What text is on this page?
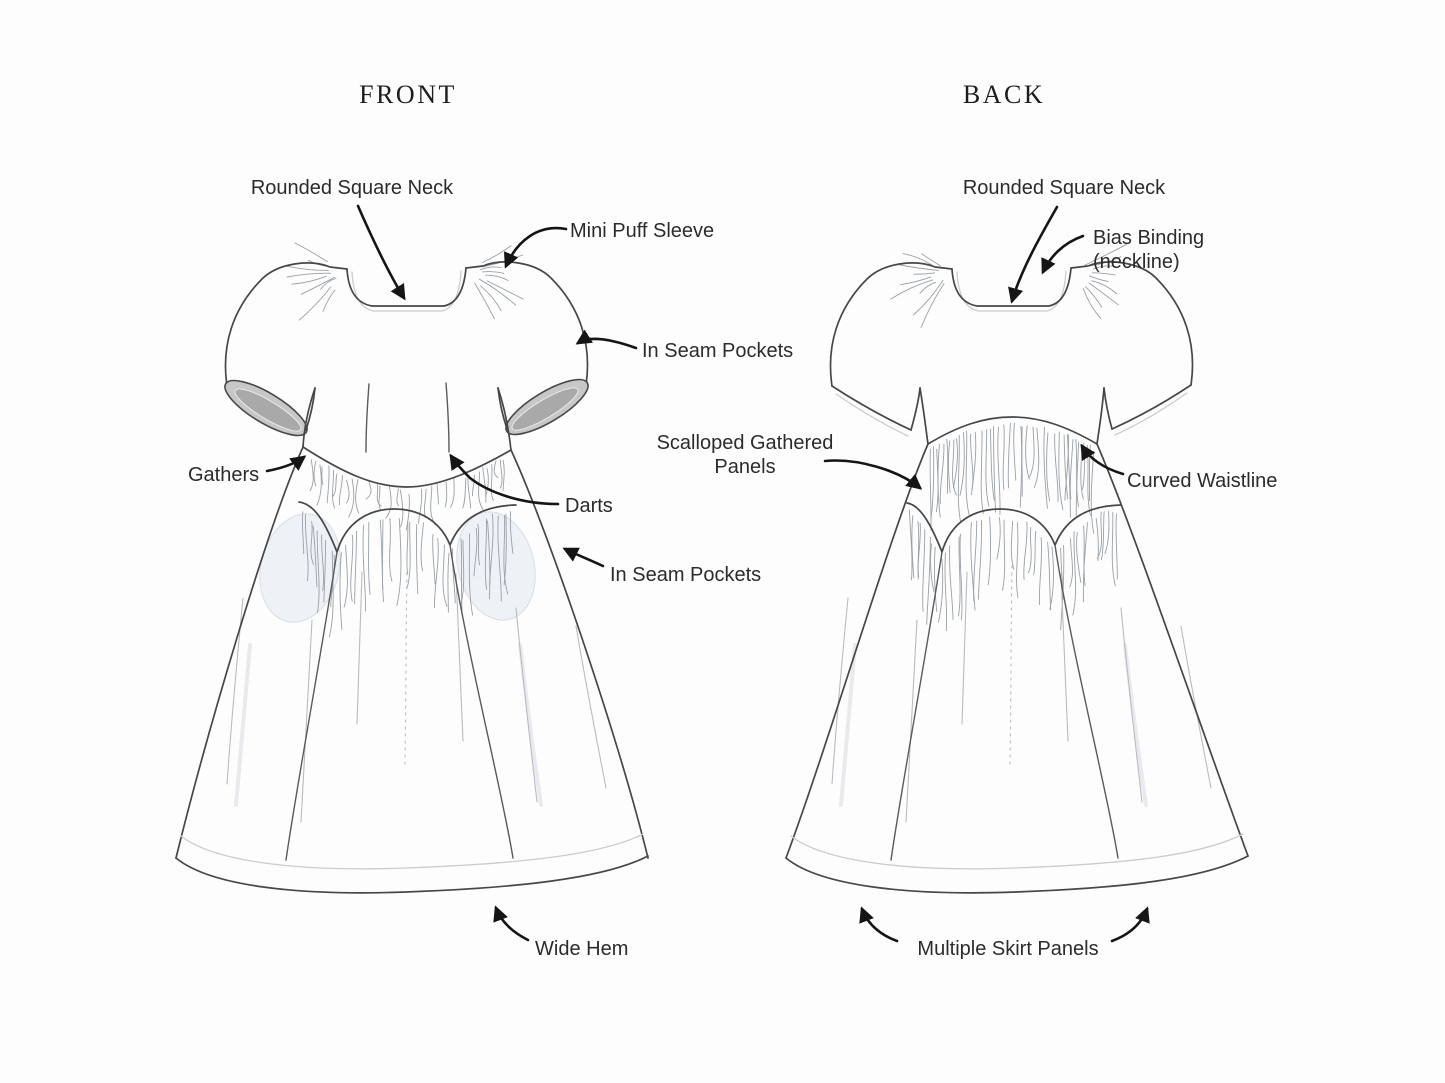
FRONT	BACK
Rounded Square Neck
Mini Puff Sleeve
In Seam Pockets
Gathers
Darts
In Seam Pockets
Wide Hem
Rounded Square Neck
Bias Binding (neckline)
Scalloped Gathered Panels
Curved Waistline
Multiple Skirt Panels
